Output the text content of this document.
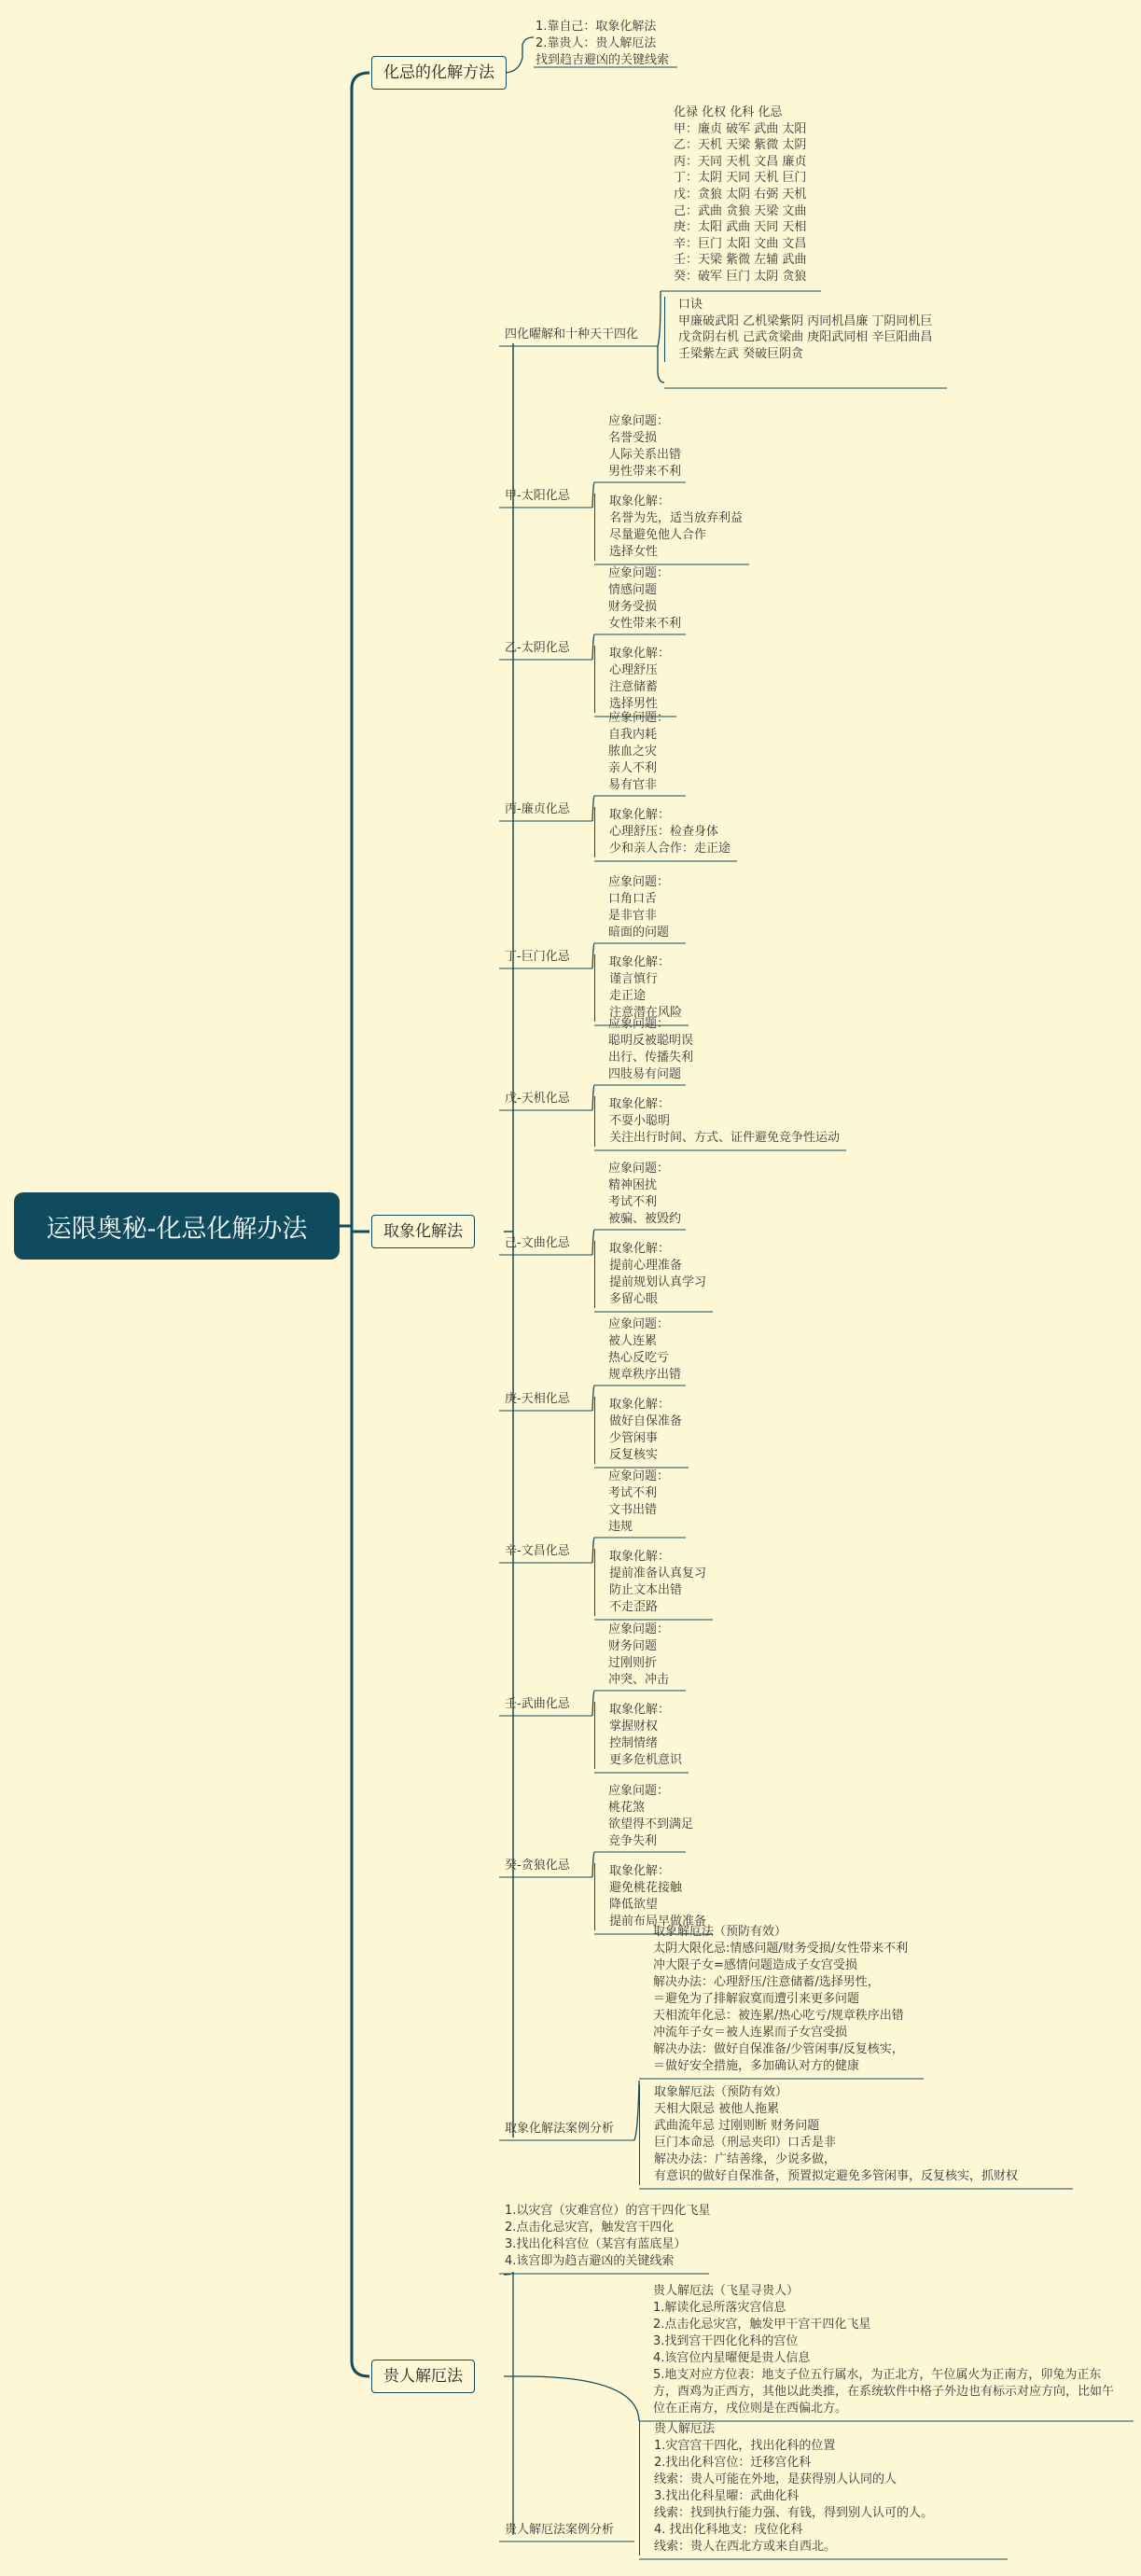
运限奥秘-化忌化解办法
化忌的化解方法
取象化解法
贵人解厄法
1.靠自己：取象化解法
2.靠贵人：贵人解厄法
找到趋吉避凶的关键线索
四化曜解和十种天干四化
化禄 化权 化科 化忌
甲：廉贞 破军 武曲 太阳
乙：天机 天梁 紫微 太阴
丙：天同 天机 文昌 廉贞
丁：太阴 天同 天机 巨门
戊：贪狼 太阴 右弼 天机
己：武曲 贪狼 天梁 文曲
庚：太阳 武曲 天同 天相
辛：巨门 太阳 文曲 文昌
壬：天梁 紫微 左辅 武曲
癸：破军 巨门 太阴 贪狼
口诀
甲廉破武阳 乙机梁紫阴 丙同机昌廉 丁阴同机巨
戊贪阴右机 己武贪梁曲 庚阳武同相 辛巨阳曲昌
壬梁紫左武 癸破巨阴贪
甲-太阳化忌
应象问题：
名誉受损
人际关系出错
男性带来不利
取象化解：
名誉为先，适当放弃利益
尽量避免他人合作
选择女性
乙-太阴化忌
应象问题：
情感问题
财务受损
女性带来不利
取象化解：
心理舒压
注意储蓄
选择男性
丙-廉贞化忌
应象问题：
自我内耗
脓血之灾
亲人不利
易有官非
取象化解：
心理舒压：检查身体
少和亲人合作：走正途
丁-巨门化忌
应象问题：
口角口舌
是非官非
暗面的问题
取象化解：
谨言慎行
走正途
注意潜在风险
戊-天机化忌
应象问题：
聪明反被聪明误
出行、传播失利
四肢易有问题
取象化解：
不耍小聪明
关注出行时间、方式、证件避免竞争性运动
己-文曲化忌
应象问题：
精神困扰
考试不利
被骗、被毁约
取象化解：
提前心理准备
提前规划认真学习
多留心眼
庚-天相化忌
应象问题：
被人连累
热心反吃亏
规章秩序出错
取象化解：
做好自保准备
少管闲事
反复核实
辛-文昌化忌
应象问题：
考试不利
文书出错
违规
取象化解：
提前准备认真复习
防止文本出错
不走歪路
壬-武曲化忌
应象问题：
财务问题
过刚则折
冲突、冲击
取象化解：
掌握财权
控制情绪
更多危机意识
癸-贪狼化忌
应象问题：
桃花煞
欲望得不到满足
竞争失利
取象化解：
避免桃花接触
降低欲望
提前布局早做准备
取象化解法案例分析
取象解厄法（预防有效）
太阴大限化忌:情感问题/财务受损/女性带来不利
冲大限子女=感情问题造成子女宫受损
解决办法：心理舒压/注意储蓄/选择男性，
＝避免为了排解寂寞而遭引来更多问题
天相流年化忌：被连累/热心吃亏/规章秩序出错
冲流年子女＝被人连累而子女宫受损
解决办法：做好自保准备/少管闲事/反复核实，
＝做好安全措施，多加确认对方的健康
取象解厄法（预防有效）
天相大限忌 被他人拖累
武曲流年忌 过刚则断 财务问题
巨门本命忌（刑忌夹印）口舌是非
解决办法：广结善缘，少说多做，
有意识的做好自保准备，预置拟定避免多管闲事，反复核实，抓财权
1.以灾宫（灾难宫位）的宫干四化飞星
2.点击化忌灾宫，触发宫干四化
3.找出化科宫位（某宫有蓝底星）
4.该宫即为趋吉避凶的关键线索
贵人解厄法（飞星寻贵人）
1.解读化忌所落灾宫信息
2.点击化忌灾宫，触发甲干宫干四化飞星
3.找到宫干四化化科的宫位
4.该宫位内星曜便是贵人信息
5.地支对应方位表：地支子位五行属水，为正北方，午位属火为正南方，卯兔为正东
方，酉鸡为正西方，其他以此类推，在系统软件中格子外边也有标示对应方向，比如午
位在正南方，戌位则是在西偏北方。
贵人解厄法案例分析
贵人解厄法
1.灾宫宫干四化，找出化科的位置
2.找出化科宫位：迁移宫化科
线索：贵人可能在外地，是获得别人认同的人
3.找出化科星曜：武曲化科
线索：找到执行能力强、有钱，得到别人认可的人。
4. 找出化科地支：戌位化科
线索：贵人在西北方或来自西北。
